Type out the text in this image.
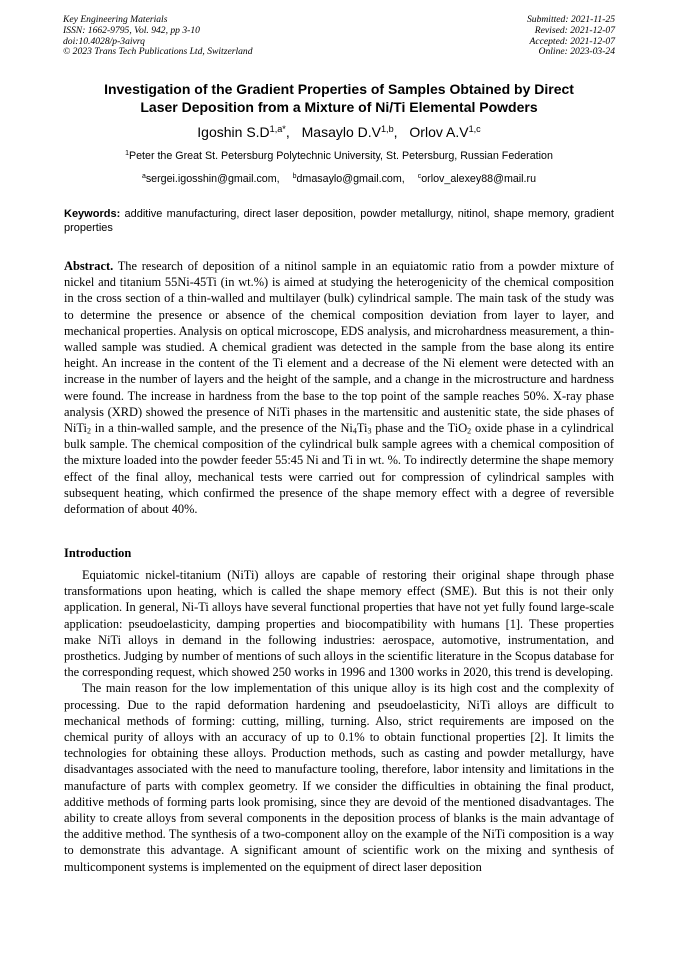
Key Engineering Materials
ISSN: 1662-9795, Vol. 942, pp 3-10
doi:10.4028/p-3aivrq
© 2023 Trans Tech Publications Ltd, Switzerland
Submitted: 2021-11-25
Revised: 2021-12-07
Accepted: 2021-12-07
Online: 2023-03-24
Investigation of the Gradient Properties of Samples Obtained by Direct
Laser Deposition from a Mixture of Ni/Ti Elemental Powders
Igoshin $S.D^{1,a*}$, Masaylo $D.V^{1,b}$, Orlov $A.V^{1,c}$
$^1$Peter the Great St. Petersburg Polytechnic University, St. Petersburg, Russian Federation
$^a$sergei.igosshin@gmail.com, $^b$dmasaylo@gmail.com, $^c$orlov_alexey88@mail.ru
Keywords: additive manufacturing, direct laser deposition, powder metallurgy, nitinol, shape memory, gradient properties

Abstract. The research of deposition of a nitinol sample in an equiatomic ratio from a powder mixture of nickel and titanium 55Ni-45Ti (in wt.%) is aimed at studying the heterogenicity of the chemical composition in the cross section of a thin-walled and multilayer (bulk) cylindrical sample. The main task of the study was to determine the presence or absence of the chemical composition deviation from layer to layer, and mechanical properties. Analysis on optical microscope, EDS analysis, and microhardness measurement, a thin-walled sample was studied. A chemical gradient was detected in the sample from the base along its entire height. An increase in the content of the Ti element and a decrease of the Ni element were detected with an increase in the number of layers and the height of the sample, and a change in the microstructure and hardness were found. The increase in hardness from the base to the top point of the sample reaches 50%. X-ray phase analysis (XRD) showed the presence of NiTi phases in the martensitic and austenitic state, the side phases of NiTi$_2$ in a thin-walled sample, and the presence of the $Ni_4Ti_3$ phase and the TiO$_2$ oxide phase in a cylindrical bulk sample. The chemical composition of the cylindrical bulk sample agrees with a chemical composition of the mixture loaded into the powder feeder 55:45 Ni and Ti in wt. %. To indirectly determine the shape memory effect of the final alloy, mechanical tests were carried out for compression of cylindrical samples with subsequent heating, which confirmed the presence of the shape memory effect with a degree of reversible deformation of about 40%.

Introduction

Equiatomic nickel-titanium (NiTi) alloys are capable of restoring their original shape through phase transformations upon heating, which is called the shape memory effect (SME). But this is not their only application. In general, Ni-Ti alloys have several functional properties that have not yet fully found large-scale application: pseudoelasticity, damping properties and biocompatibility with humans [1]. These properties make NiTi alloys in demand in the following industries: aerospace, automotive, instrumentation, and prosthetics. Judging by number of mentions of such alloys in the scientific literature in the Scopus database for the corresponding request, which showed 250 works in 1996 and 1300 works in 2020, this trend is developing.

The main reason for the low implementation of this unique alloy is its high cost and the complexity of processing. Due to the rapid deformation hardening and pseudoelasticity, NiTi alloys are difficult to mechanical methods of forming: cutting, milling, turning. Also, strict requirements are imposed on the chemical purity of alloys with an accuracy of up to 0.1% to obtain functional properties [2]. It limits the technologies for obtaining these alloys. Production methods, such as casting and powder metallurgy, have disadvantages associated with the need to manufacture tooling, therefore, labor intensity and limitations in the manufacture of parts with complex geometry. If we consider the difficulties in obtaining the final product, additive methods of forming parts look promising, since they are devoid of the mentioned disadvantages. The ability to create alloys from several components in the deposition process of blanks is the main advantage of the additive method. The synthesis of a two-component alloy on the example of the NiTi composition is a way to demonstrate this advantage. A significant amount of scientific work on the mixing and synthesis of multicomponent systems is implemented on the equipment of direct laser deposition
